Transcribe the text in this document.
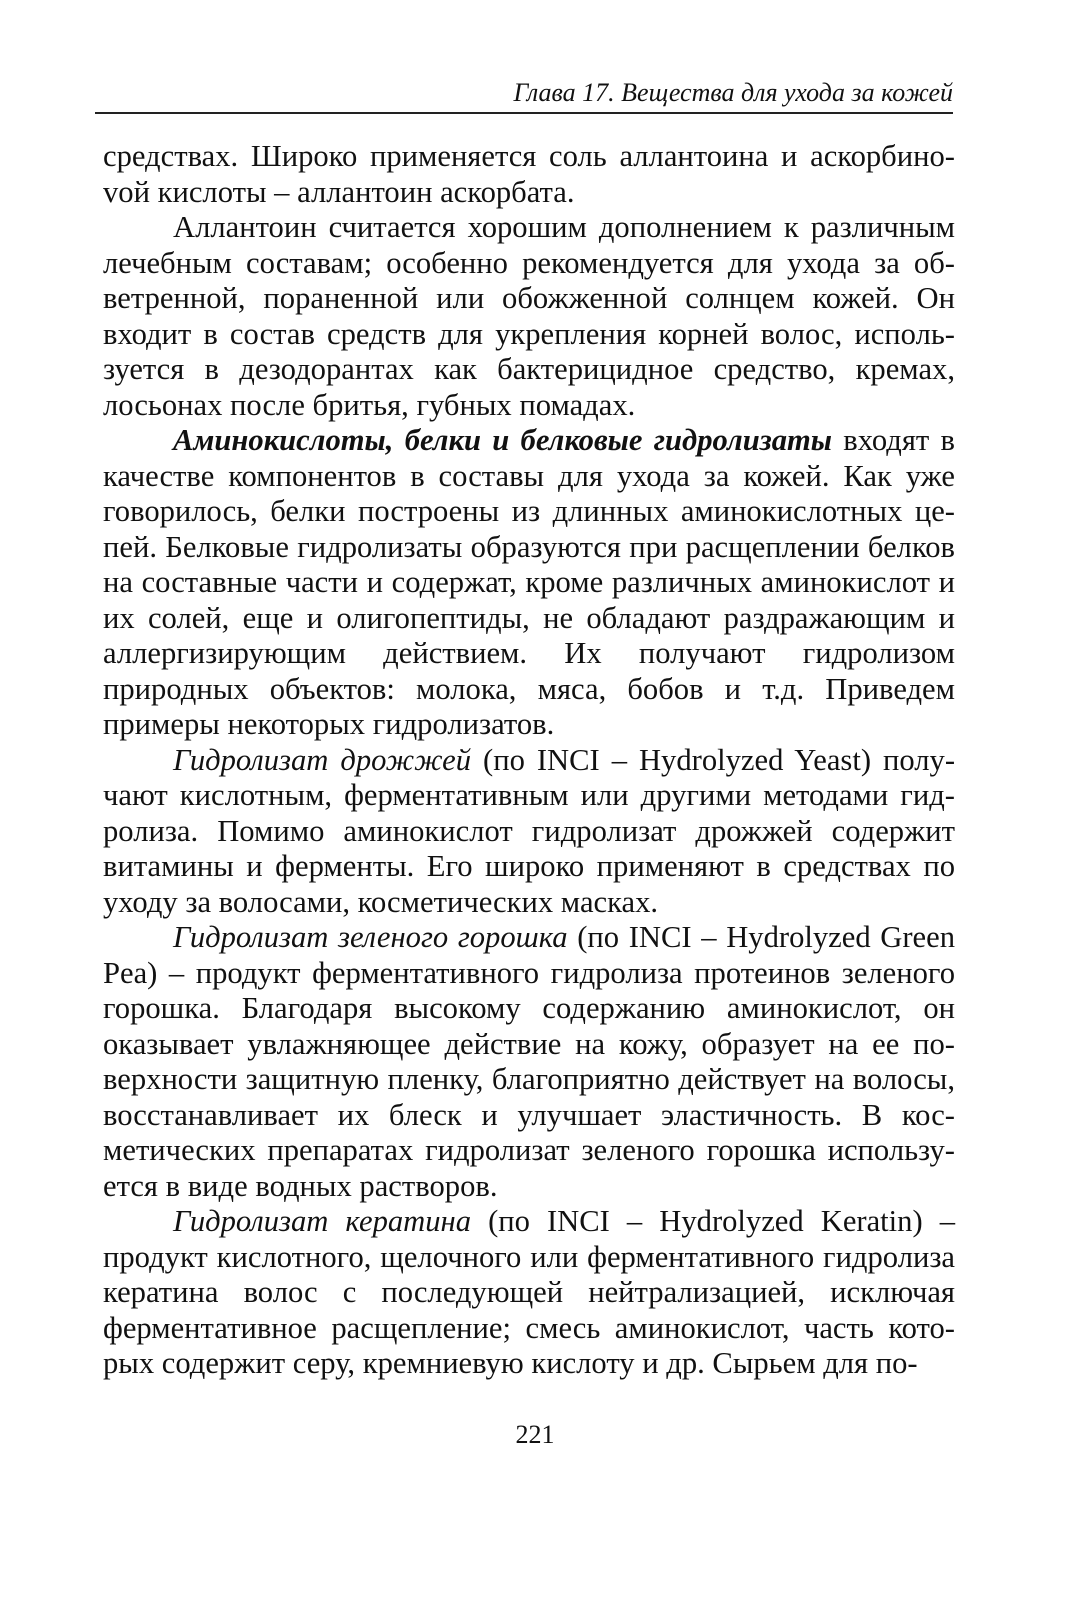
Глава 17. Вещества для ухода за кожей

средствах. Широко применяется соль аллантоина и аскорбиноvой кислоты – аллантоин аскорбата.

Аллантоин считается хорошим дополнением к различным лечебным составам; особенно рекомендуется для ухода за обветренной, пораненной или обожженной солнцем кожей. Он входит в состав средств для укрепления корней волос, используется в дезодорантах как бактерицидное средство, кремах, лосьонах после бритья, губных помадах.

Аминокислоты, белки и белковые гидролизаты входят в качестве компонентов в составы для ухода за кожей. Как уже говорилось, белки построены из длинных аминокислотных цепей. Белковые гидролизаты образуются при расщеплении белков на составные части и содержат, кроме различных аминокислот и их солей, еще и олигопептиды, не обладают раздражающим и аллергизирующим действием. Их получают гидролизом природных объектов: молока, мяса, бобов и т.д. Приведем примеры некоторых гидролизатов.

Гидролизат дрожжей (по INCI – Hydrolyzed Yeast) получают кислотным, ферментативным или другими методами гидролиза. Помимо аминокислот гидролизат дрожжей содержит витамины и ферменты. Его широко применяют в средствах по уходу за волосами, косметических масках.

Гидролизат зеленого горошка (по INCI – Hydrolyzed Green Pea) – продукт ферментативного гидролиза протеинов зеленого горошка. Благодаря высокому содержанию аминокислот, он оказывает увлажняющее действие на кожу, образует на ее поверхности защитную пленку, благоприятно действует на волосы, восстанавливает их блеск и улучшает эластичность. В косметических препаратах гидролизат зеленого горошка используется в виде водных растворов.

Гидролизат кератина (по INCI – Hydrolyzed Keratin) – продукт кислотного, щелочного или ферментативного гидролиза кератина волос с последующей нейтрализацией, исключая ферментативное расщепление; смесь аминокислот, часть которых содержит серу, кремниевую кислоту и др. Сырьем для по-

221
